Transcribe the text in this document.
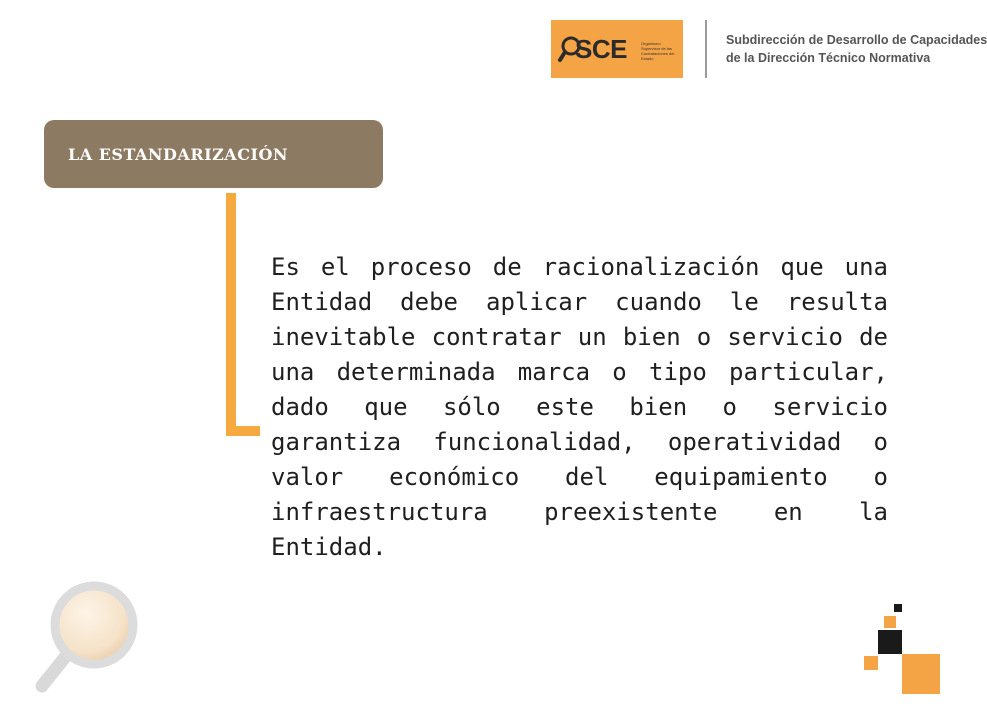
SCE	Organismo Supervisor de las Contrataciones del Estado
Subdirección de Desarrollo de Capacidades
de la Dirección Técnico Normativa
LA ESTANDARIZACIÓN

Es el proceso de racionalización que una Entidad debe aplicar cuando le resulta inevitable contratar un bien o servicio de una determinada marca o tipo particular, dado que sólo este bien o servicio garantiza funcionalidad, operatividad o valor económico del equipamiento o infraestructura preexistente en la Entidad.
